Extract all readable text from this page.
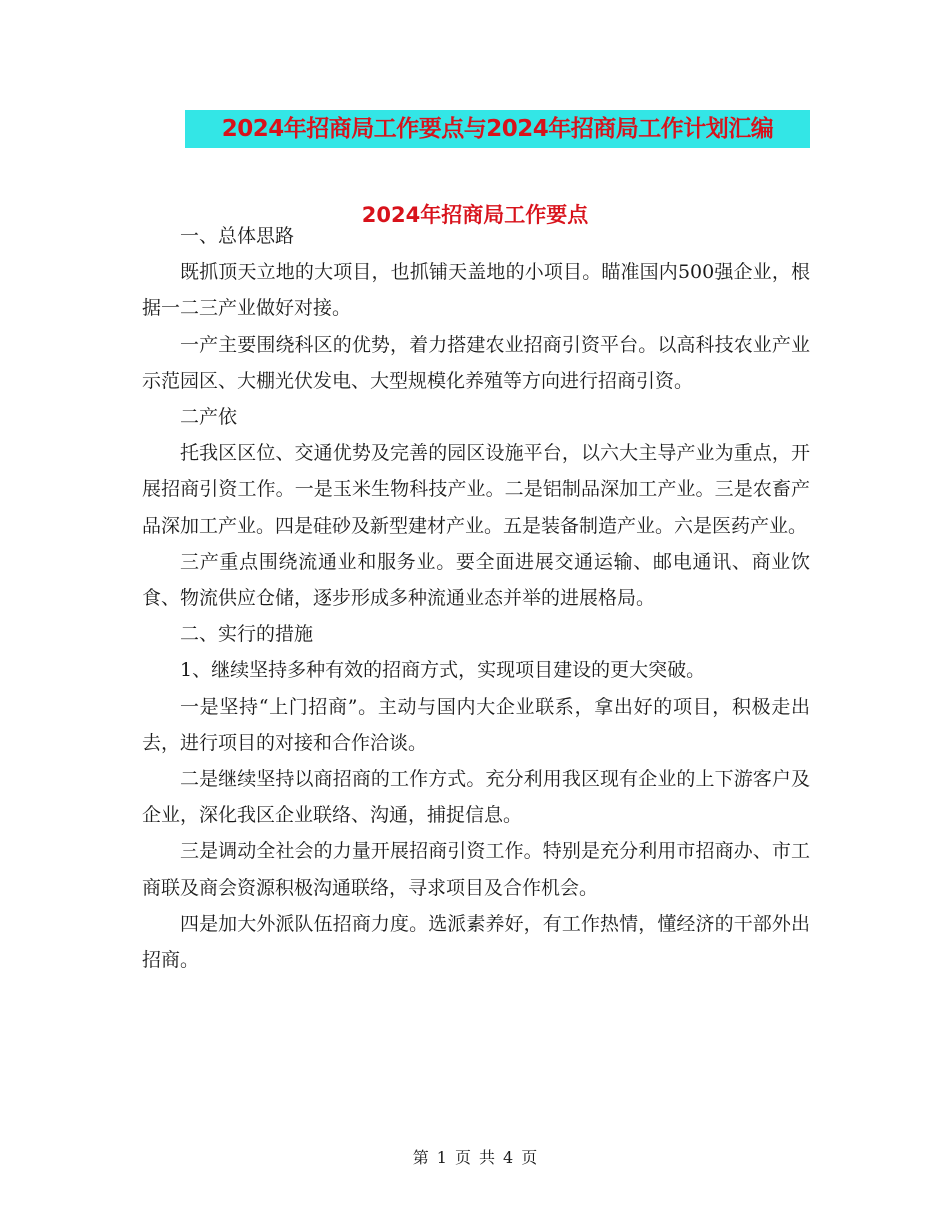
2024年招商局工作要点与2024年招商局工作计划汇编
2024年招商局工作要点

一、总体思路

既抓顶天立地的大项目，也抓铺天盖地的小项目。瞄准国内500强企业，根据一二三产业做好对接。

一产主要围绕科区的优势，着力搭建农业招商引资平台。以高科技农业产业示范园区、大棚光伏发电、大型规模化养殖等方向进行招商引资。

二产依

托我区区位、交通优势及完善的园区设施平台，以六大主导产业为重点，开展招商引资工作。一是玉米生物科技产业。二是铝制品深加工产业。三是农畜产品深加工产业。四是硅砂及新型建材产业。五是装备制造产业。六是医药产业。

三产重点围绕流通业和服务业。要全面进展交通运输、邮电通讯、商业饮食、物流供应仓储，逐步形成多种流通业态并举的进展格局。

二、实行的措施

1、继续坚持多种有效的招商方式，实现项目建设的更大突破。

一是坚持“上门招商”。主动与国内大企业联系，拿出好的项目，积极走出去，进行项目的对接和合作洽谈。

二是继续坚持以商招商的工作方式。充分利用我区现有企业的上下游客户及企业，深化我区企业联络、沟通，捕捉信息。

三是调动全社会的力量开展招商引资工作。特别是充分利用市招商办、市工商联及商会资源积极沟通联络，寻求项目及合作机会。

四是加大外派队伍招商力度。选派素养好，有工作热情，懂经济的干部外出招商。

第 1 页 共 4 页
